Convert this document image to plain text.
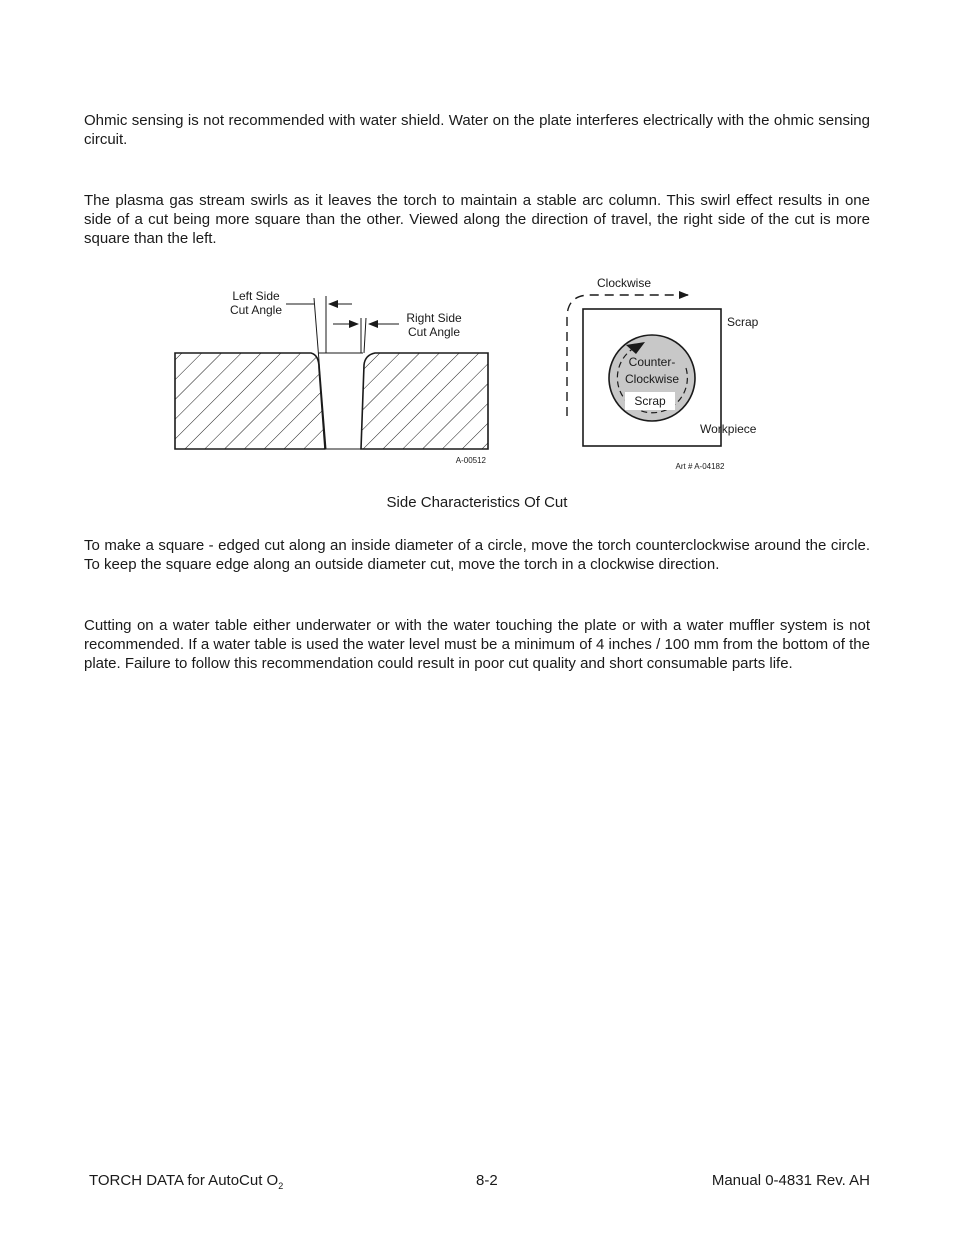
Ohmic sensing is not recommended with water shield. Water on the plate interferes electrically with the ohmic sensing circuit.

The plasma gas stream swirls as it leaves the torch to maintain a stable arc column. This swirl effect results in one side of a cut being more square than the other. Viewed along the direction of travel, the right side of the cut is more square than the left.

Left Side
Cut Angle
Right Side
Cut Angle
A-00512
Clockwise
Scrap
Counter-
Clockwise
Scrap
Workpiece
Art # A-04182
Side Characteristics Of Cut

To make a square - edged cut along an inside diameter of a circle, move the torch counterclockwise around the circle. To keep the square edge along an outside diameter cut, move the torch in a clockwise direction.

Cutting on a water table either underwater or with the water touching the plate or with a water muffler system is not recommended. If a water table is used the water level must be a minimum of 4 inches / 100 mm from the bottom of the plate. Failure to follow this recommendation could result in poor cut quality and short consumable parts life.

TORCH DATA for AutoCut $O_2$	8-2	Manual 0-4831 Rev. AH
